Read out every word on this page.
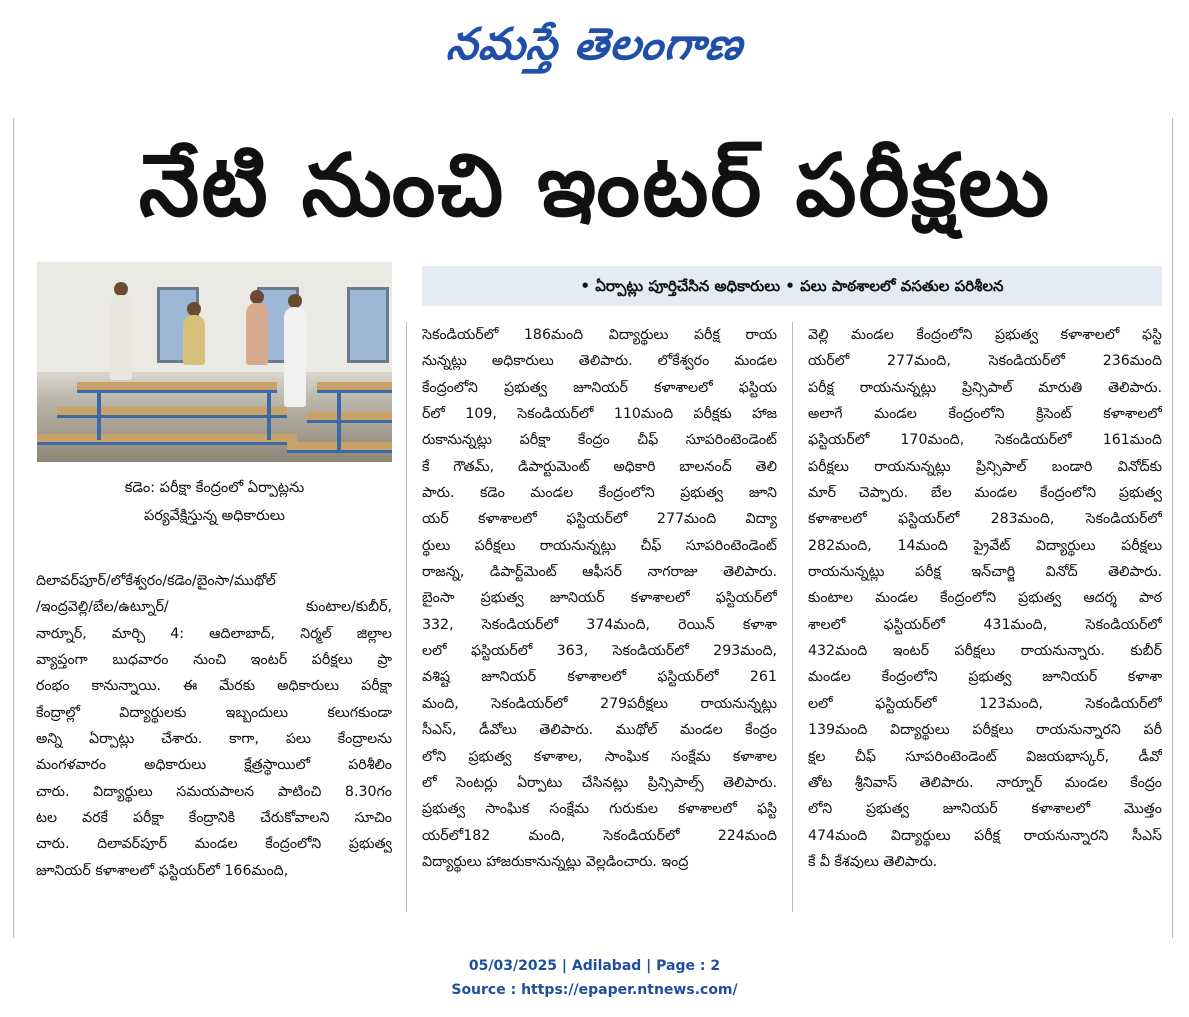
నమస్తే తెలంగాణ
నేటి నుంచి ఇంటర్ పరీక్షలు
కడెం: పరీక్షా కేంద్రంలో ఏర్పాట్లను
పర్యవేక్షిస్తున్న అధికారులు
• ఏర్పాట్లు పూర్తిచేసిన అధికారులు • పలు పాఠశాలలో వసతుల పరిశీలన
దిలావర్‌పూర్/లోకేశ్వరం/కడెం/బైంసా/ముథోల్
/ఇంద్రవెల్లి/బేల/ఉట్నూర్/ కుంటాల/కుబీర్,
నార్నూర్, మార్చి 4: ఆదిలాబాద్, నిర్మల్ జిల్లాల
వ్యాప్తంగా బుధవారం నుంచి ఇంటర్ పరీక్షలు ప్రా
రంభం కానున్నాయి. ఈ మేరకు అధికారులు పరీక్షా
కేంద్రాల్లో విద్యార్థులకు ఇబ్బందులు కలుగకుండా
అన్ని ఏర్పాట్లు చేశారు. కాగా, పలు కేంద్రాలను
మంగళవారం అధికారులు క్షేత్రస్థాయిలో పరిశీలిం
చారు. విద్యార్థులు సమయపాలన పాటించి 8.30గం
టల వరకే పరీక్షా కేంద్రానికి చేరుకోవాలని సూచిం
చారు. దిలావర్‌పూర్ మండల కేంద్రంలోని ప్రభుత్వ
జూనియర్ కళాశాలలో ఫస్టియర్‌లో 166మంది,
సెకండియర్‌లో 186మంది విద్యార్థులు పరీక్ష రాయ
నున్నట్లు అధికారులు తెలిపారు. లోకేశ్వరం మండల
కేంద్రంలోని ప్రభుత్వ జూనియర్ కళాశాలలో ఫస్టియ
ర్‌లో 109, సెకండియర్‌లో 110మంది పరీక్షకు హాజ
రుకానున్నట్లు పరీక్షా కేంద్రం చీఫ్ సూపరింటెండెంట్
కే గౌతమ్, డిపార్టుమెంట్ అధికారి బాలనంద్ తెలి
పారు. కడెం మండల కేంద్రంలోని ప్రభుత్వ జూని
యర్ కళాశాలలో ఫస్టియర్‌లో 277మంది విద్యా
ర్థులు పరీక్షలు రాయనున్నట్లు చీఫ్ సూపరింటెండెంట్
రాజన్న, డిపార్ట్‌మెంట్ ఆఫీసర్ నాగరాజు తెలిపారు.
బైంసా ప్రభుత్వ జూనియర్ కళాశాలలో ఫస్టియర్‌లో
332, సెకండియర్‌లో 374మంది, రెయిన్ కళాశా
లలో ఫస్టియర్‌లో 363, సెకండియర్‌లో 293మంది,
వశిష్ట జూనియర్ కళాశాలలో ఫస్టియర్‌లో 261
మంది, సెకండియర్‌లో 279పరీక్షలు రాయనున్నట్లు
సీఎస్, డీవోలు తెలిపారు. ముథోల్ మండల కేంద్రం
లోని ప్రభుత్వ కళాశాల, సాంఘిక సంక్షేమ కళాశాల
లో సెంటర్లు ఏర్పాటు చేసినట్లు ప్రిన్సిపాల్స్ తెలిపారు.
ప్రభుత్వ సాంఘిక సంక్షేమ గురుకుల కళాశాలలో ఫస్టి
యర్‌లో182 మంది, సెకండియర్‌లో 224మంది
విద్యార్థులు హాజరుకానున్నట్లు వెల్లడించారు. ఇంద్ర
వెల్లి మండల కేంద్రంలోని ప్రభుత్వ కళాశాలలో ఫస్టి
యర్‌లో 277మంది, సెకండియర్‌లో 236మంది
పరీక్ష రాయనున్నట్లు ప్రిన్సిపాల్ మారుతి తెలిపారు.
అలాగే మండల కేంద్రంలోని క్రిసెంట్ కళాశాలలో
ఫస్టియర్‌లో 170మంది, సెకండియర్‌లో 161మంది
పరీక్షలు రాయనున్నట్లు ప్రిన్సిపాల్ బండారి వినోద్‌కు
మార్ చెప్పారు. బేల మండల కేంద్రంలోని ప్రభుత్వ
కళాశాలలో ఫస్టియర్‌లో 283మంది, సెకండియర్‌లో
282మంది, 14మంది ప్రైవేట్ విద్యార్థులు పరీక్షలు
రాయనున్నట్లు పరీక్ష ఇన్‌చార్జి వినోద్ తెలిపారు.
కుంటాల మండల కేంద్రంలోని ప్రభుత్వ ఆదర్శ పాఠ
శాలలో ఫస్టియర్‌లో 431మంది, సెకండియర్‌లో
432మంది ఇంటర్ పరీక్షలు రాయనున్నారు. కుబీర్
మండల కేంద్రంలోని ప్రభుత్వ జూనియర్ కళాశా
లలో ఫస్టియర్‌లో 123మంది, సెకండియర్‌లో
139మంది విద్యార్థులు పరీక్షలు రాయనున్నారని పరీ
క్షల చీఫ్ సూపరింటెండెంట్ విజయభాస్కర్, డీవో
తోట శ్రీనివాస్ తెలిపారు. నార్నూర్ మండల కేంద్రం
లోని ప్రభుత్వ జూనియర్ కళాశాలలో మొత్తం
474మంది విద్యార్థులు పరీక్ష రాయనున్నారని సీఎస్
కే వీ కేశవులు తెలిపారు.
05/03/2025 | Adilabad | Page : 2
Source : https://epaper.ntnews.com/
